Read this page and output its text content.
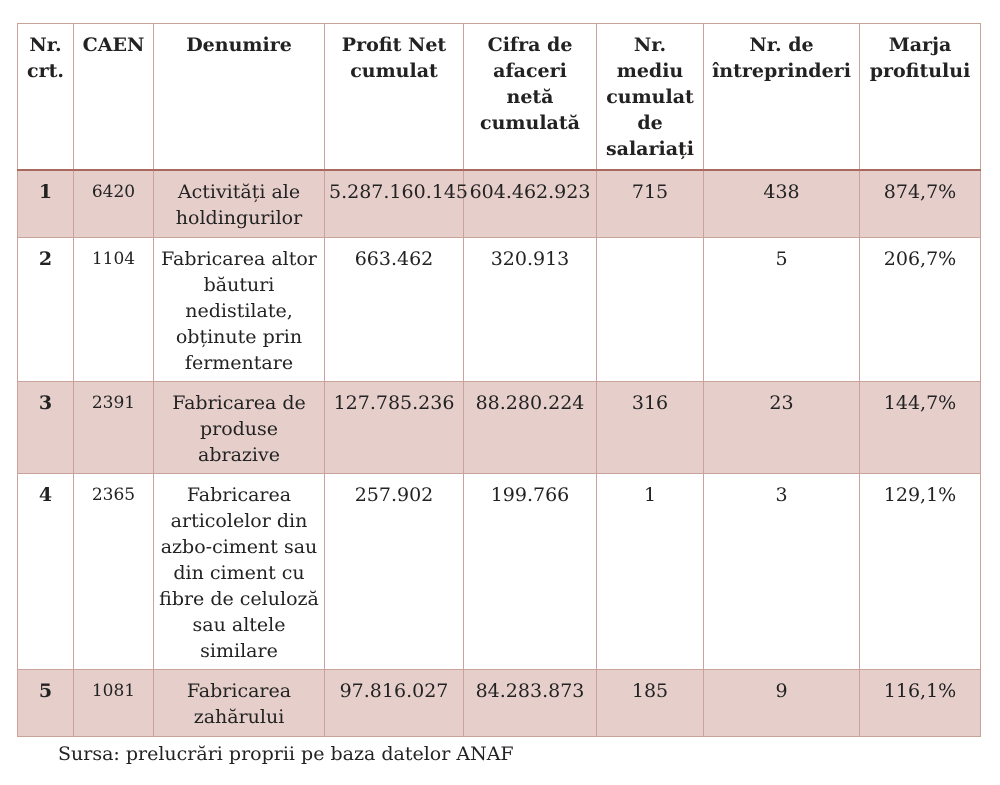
Nr. crt.	CAEN	Denumire	Profit Net cumulat	Cifra de afaceri netă cumulată	Nr. mediu cumulat de salariați	Nr. de întreprinderi	Marja profitului
1	6420	Activități ale holdingurilor	5.287.160.145	604.462.923	715	438	874,7%
2	1104	Fabricarea altor băuturi nedistilate, obținute prin fermentare	663.462	320.913		5	206,7%
3	2391	Fabricarea de produse abrazive	127.785.236	88.280.224	316	23	144,7%
4	2365	Fabricarea articolelor din azbo-ciment sau din ciment cu fibre de celuloză sau altele similare	257.902	199.766	1	3	129,1%
5	1081	Fabricarea zahărului	97.816.027	84.283.873	185	9	116,1%
Sursa: prelucrări proprii pe baza datelor ANAF
